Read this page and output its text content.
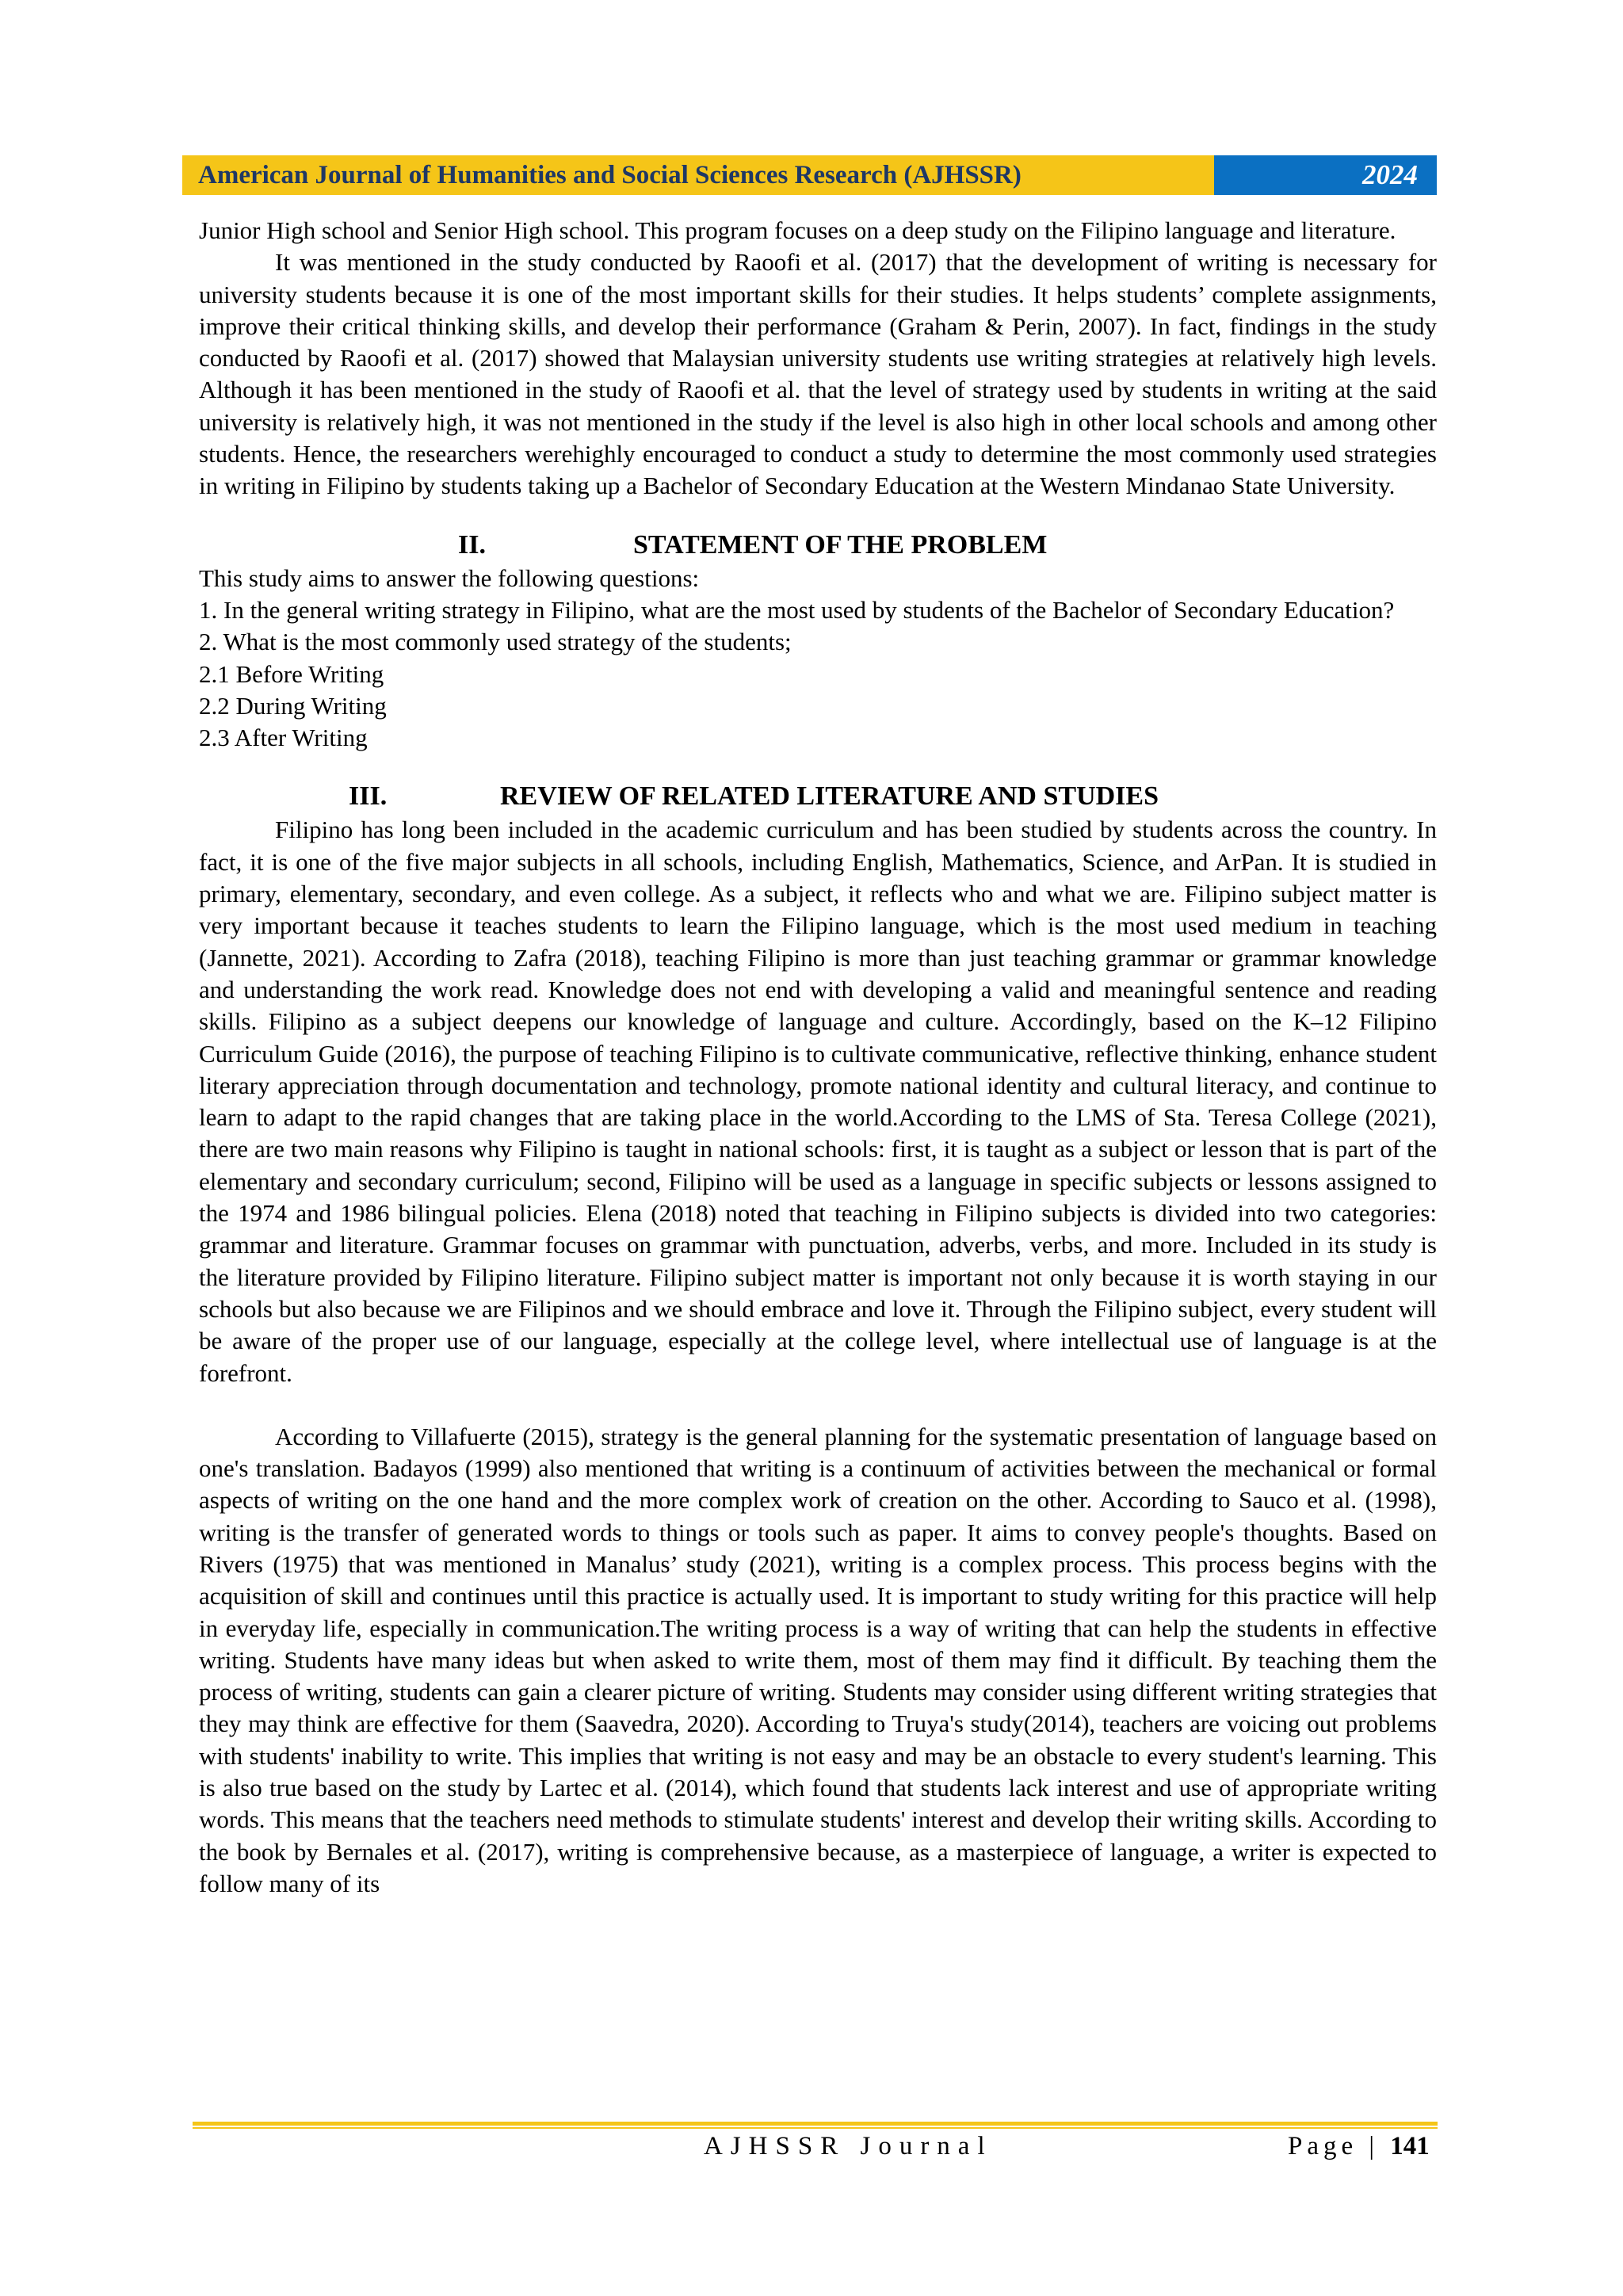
American Journal of Humanities and Social Sciences Research (AJHSSR)	2024

Junior High school and Senior High school. This program focuses on a deep study on the Filipino language and literature.

It was mentioned in the study conducted by Raoofi et al. (2017) that the development of writing is necessary for university students because it is one of the most important skills for their studies. It helps students’ complete assignments, improve their critical thinking skills, and develop their performance (Graham & Perin, 2007). In fact, findings in the study conducted by Raoofi et al. (2017) showed that Malaysian university students use writing strategies at relatively high levels. Although it has been mentioned in the study of Raoofi et al. that the level of strategy used by students in writing at the said university is relatively high, it was not mentioned in the study if the level is also high in other local schools and among other students. Hence, the researchers werehighly encouraged to conduct a study to determine the most commonly used strategies in writing in Filipino by students taking up a Bachelor of Secondary Education at the Western Mindanao State University.

II.	STATEMENT OF THE PROBLEM

This study aims to answer the following questions:

1. In the general writing strategy in Filipino, what are the most used by students of the Bachelor of Secondary Education?

2. What is the most commonly used strategy of the students;

2.1 Before Writing

2.2 During Writing

2.3 After Writing

III.	REVIEW OF RELATED LITERATURE AND STUDIES

Filipino has long been included in the academic curriculum and has been studied by students across the country. In fact, it is one of the five major subjects in all schools, including English, Mathematics, Science, and ArPan. It is studied in primary, elementary, secondary, and even college. As a subject, it reflects who and what we are. Filipino subject matter is very important because it teaches students to learn the Filipino language, which is the most used medium in teaching (Jannette, 2021). According to Zafra (2018), teaching Filipino is more than just teaching grammar or grammar knowledge and understanding the work read. Knowledge does not end with developing a valid and meaningful sentence and reading skills. Filipino as a subject deepens our knowledge of language and culture. Accordingly, based on the K–12 Filipino Curriculum Guide (2016), the purpose of teaching Filipino is to cultivate communicative, reflective thinking, enhance student literary appreciation through documentation and technology, promote national identity and cultural literacy, and continue to learn to adapt to the rapid changes that are taking place in the world.According to the LMS of Sta. Teresa College (2021), there are two main reasons why Filipino is taught in national schools: first, it is taught as a subject or lesson that is part of the elementary and secondary curriculum; second, Filipino will be used as a language in specific subjects or lessons assigned to the 1974 and 1986 bilingual policies. Elena (2018) noted that teaching in Filipino subjects is divided into two categories: grammar and literature. Grammar focuses on grammar with punctuation, adverbs, verbs, and more. Included in its study is the literature provided by Filipino literature. Filipino subject matter is important not only because it is worth staying in our schools but also because we are Filipinos and we should embrace and love it. Through the Filipino subject, every student will be aware of the proper use of our language, especially at the college level, where intellectual use of language is at the forefront.

According to Villafuerte (2015), strategy is the general planning for the systematic presentation of language based on one's translation. Badayos (1999) also mentioned that writing is a continuum of activities between the mechanical or formal aspects of writing on the one hand and the more complex work of creation on the other. According to Sauco et al. (1998), writing is the transfer of generated words to things or tools such as paper. It aims to convey people's thoughts. Based on Rivers (1975) that was mentioned in Manalus’ study (2021), writing is a complex process. This process begins with the acquisition of skill and continues until this practice is actually used. It is important to study writing for this practice will help in everyday life, especially in communication.The writing process is a way of writing that can help the students in effective writing. Students have many ideas but when asked to write them, most of them may find it difficult. By teaching them the process of writing, students can gain a clearer picture of writing. Students may consider using different writing strategies that they may think are effective for them (Saavedra, 2020). According to Truya's study(2014), teachers are voicing out problems with students' inability to write. This implies that writing is not easy and may be an obstacle to every student's learning. This is also true based on the study by Lartec et al. (2014), which found that students lack interest and use of appropriate writing words. This means that the teachers need methods to stimulate students' interest and develop their writing skills. According to the book by Bernales et al. (2017), writing is comprehensive because, as a masterpiece of language, a writer is expected to follow many of its

AJHSSR Journal	Page | 141
